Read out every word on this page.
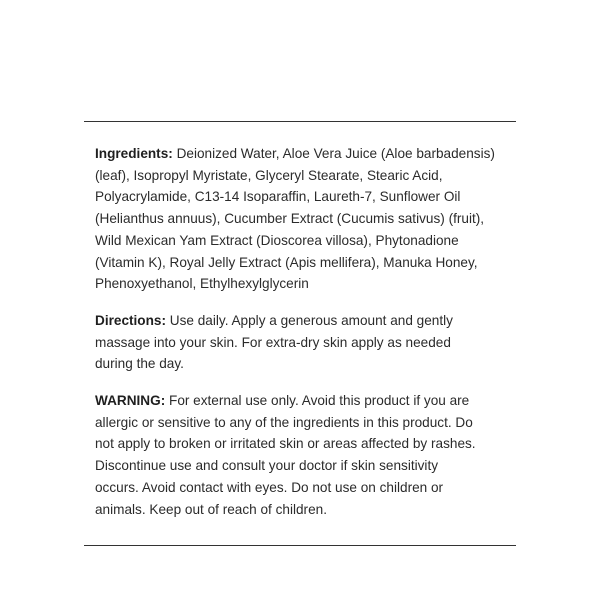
Ingredients: Deionized Water, Aloe Vera Juice (Aloe barbadensis)
(leaf), Isopropyl Myristate, Glyceryl Stearate, Stearic Acid,
Polyacrylamide, C13-14 Isoparaffin, Laureth-7, Sunflower Oil
(Helianthus annuus), Cucumber Extract (Cucumis sativus) (fruit),
Wild Mexican Yam Extract (Dioscorea villosa), Phytonadione
(Vitamin K), Royal Jelly Extract (Apis mellifera), Manuka Honey,
Phenoxyethanol, Ethylhexylglycerin
Directions: Use daily. Apply a generous amount and gently
massage into your skin. For extra-dry skin apply as needed
during the day.
WARNING: For external use only. Avoid this product if you are
allergic or sensitive to any of the ingredients in this product. Do
not apply to broken or irritated skin or areas affected by rashes.
Discontinue use and consult your doctor if skin sensitivity
occurs. Avoid contact with eyes. Do not use on children or
animals. Keep out of reach of children.
